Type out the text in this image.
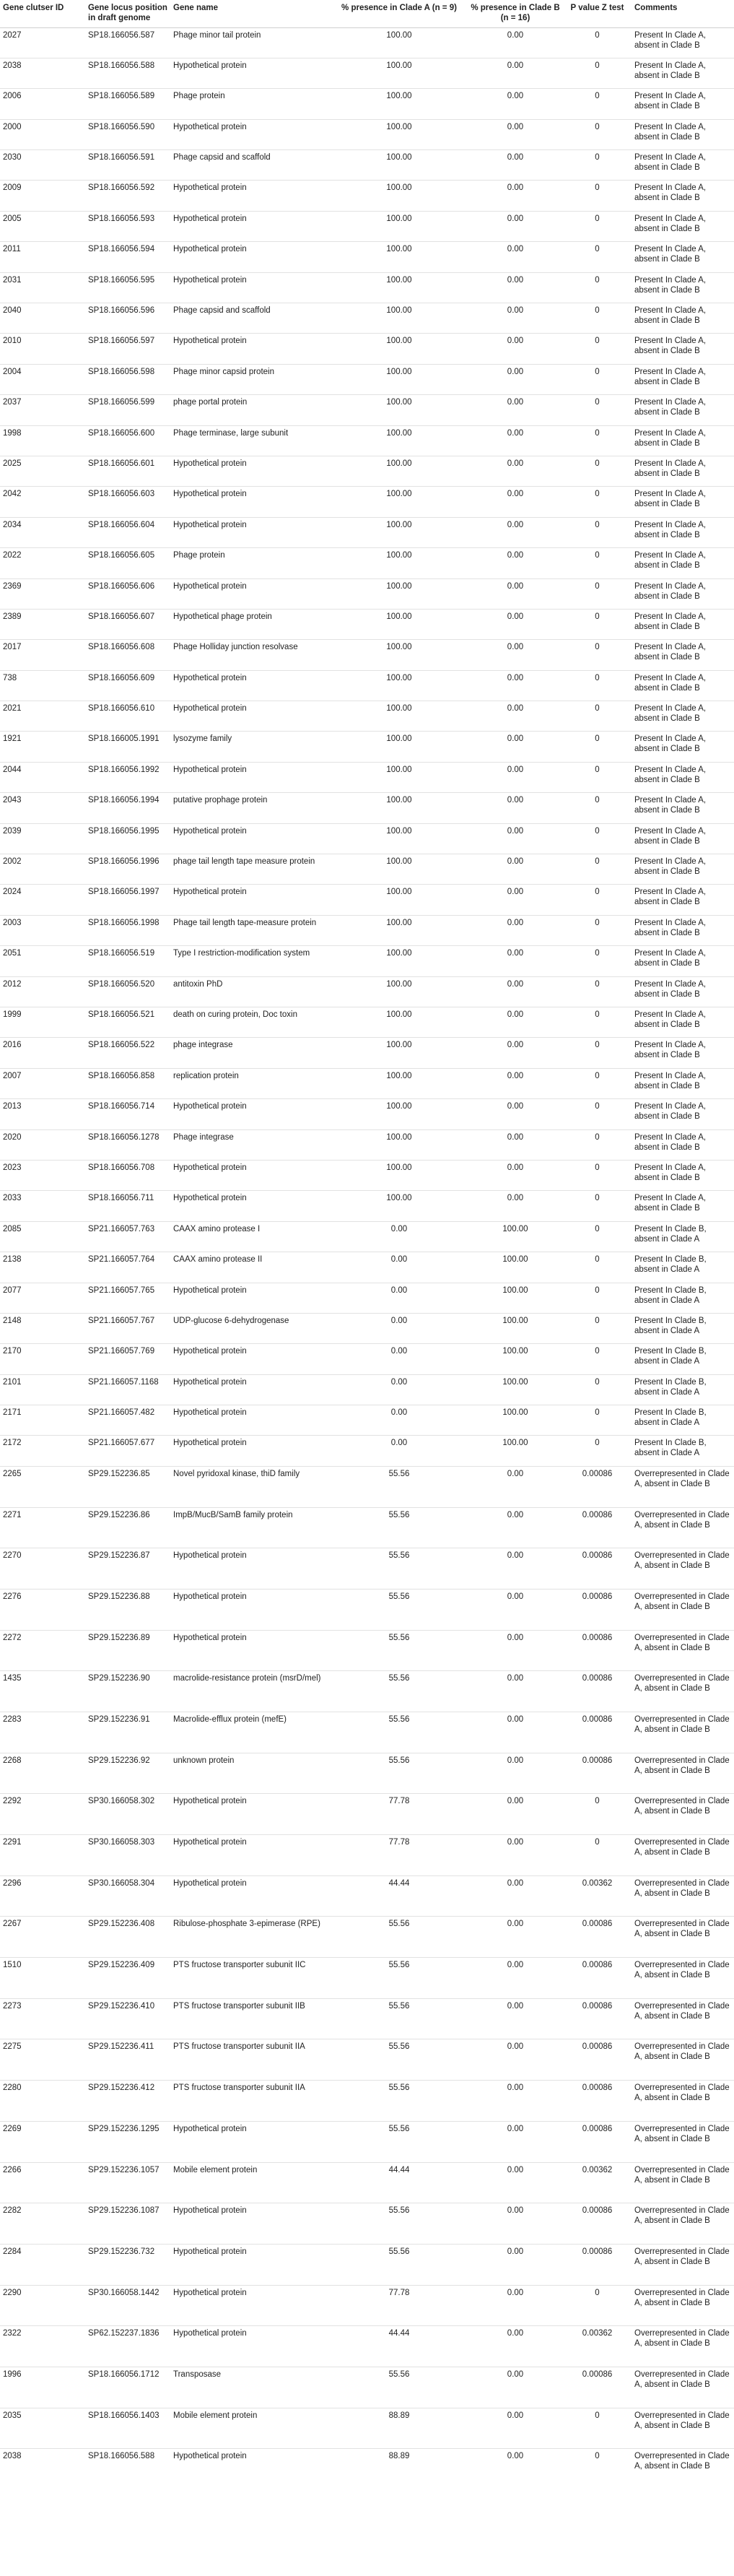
Gene clutser ID	Gene locus position in draft genome	Gene name	% presence in Clade A (n = 9)	% presence in Clade B (n = 16)	P value Z test	Comments
2027	SP18.166056.587	Phage minor tail protein	100.00	0.00	0	Present In Clade A, absent in Clade B
2038	SP18.166056.588	Hypothetical protein	100.00	0.00	0	Present In Clade A, absent in Clade B
2006	SP18.166056.589	Phage protein	100.00	0.00	0	Present In Clade A, absent in Clade B
2000	SP18.166056.590	Hypothetical protein	100.00	0.00	0	Present In Clade A, absent in Clade B
2030	SP18.166056.591	Phage capsid and scaffold	100.00	0.00	0	Present In Clade A, absent in Clade B
2009	SP18.166056.592	Hypothetical protein	100.00	0.00	0	Present In Clade A, absent in Clade B
2005	SP18.166056.593	Hypothetical protein	100.00	0.00	0	Present In Clade A, absent in Clade B
2011	SP18.166056.594	Hypothetical protein	100.00	0.00	0	Present In Clade A, absent in Clade B
2031	SP18.166056.595	Hypothetical protein	100.00	0.00	0	Present In Clade A, absent in Clade B
2040	SP18.166056.596	Phage capsid and scaffold	100.00	0.00	0	Present In Clade A, absent in Clade B
2010	SP18.166056.597	Hypothetical protein	100.00	0.00	0	Present In Clade A, absent in Clade B
2004	SP18.166056.598	Phage minor capsid protein	100.00	0.00	0	Present In Clade A, absent in Clade B
2037	SP18.166056.599	phage portal protein	100.00	0.00	0	Present In Clade A, absent in Clade B
1998	SP18.166056.600	Phage terminase, large subunit	100.00	0.00	0	Present In Clade A, absent in Clade B
2025	SP18.166056.601	Hypothetical protein	100.00	0.00	0	Present In Clade A, absent in Clade B
2042	SP18.166056.603	Hypothetical protein	100.00	0.00	0	Present In Clade A, absent in Clade B
2034	SP18.166056.604	Hypothetical protein	100.00	0.00	0	Present In Clade A, absent in Clade B
2022	SP18.166056.605	Phage protein	100.00	0.00	0	Present In Clade A, absent in Clade B
2369	SP18.166056.606	Hypothetical protein	100.00	0.00	0	Present In Clade A, absent in Clade B
2389	SP18.166056.607	Hypothetical phage protein	100.00	0.00	0	Present In Clade A, absent in Clade B
2017	SP18.166056.608	Phage Holliday junction resolvase	100.00	0.00	0	Present In Clade A, absent in Clade B
738	SP18.166056.609	Hypothetical protein	100.00	0.00	0	Present In Clade A, absent in Clade B
2021	SP18.166056.610	Hypothetical protein	100.00	0.00	0	Present In Clade A, absent in Clade B
1921	SP18.166005.1991	lysozyme family	100.00	0.00	0	Present In Clade A, absent in Clade B
2044	SP18.166056.1992	Hypothetical protein	100.00	0.00	0	Present In Clade A, absent in Clade B
2043	SP18.166056.1994	putative prophage protein	100.00	0.00	0	Present In Clade A, absent in Clade B
2039	SP18.166056.1995	Hypothetical protein	100.00	0.00	0	Present In Clade A, absent in Clade B
2002	SP18.166056.1996	phage tail length tape measure protein	100.00	0.00	0	Present In Clade A, absent in Clade B
2024	SP18.166056.1997	Hypothetical protein	100.00	0.00	0	Present In Clade A, absent in Clade B
2003	SP18.166056.1998	Phage tail length tape-measure protein	100.00	0.00	0	Present In Clade A, absent in Clade B
2051	SP18.166056.519	Type I restriction-modification system	100.00	0.00	0	Present In Clade A, absent in Clade B
2012	SP18.166056.520	antitoxin PhD	100.00	0.00	0	Present In Clade A, absent in Clade B
1999	SP18.166056.521	death on curing protein, Doc toxin	100.00	0.00	0	Present In Clade A, absent in Clade B
2016	SP18.166056.522	phage integrase	100.00	0.00	0	Present In Clade A, absent in Clade B
2007	SP18.166056.858	replication protein	100.00	0.00	0	Present In Clade A, absent in Clade B
2013	SP18.166056.714	Hypothetical protein	100.00	0.00	0	Present In Clade A, absent in Clade B
2020	SP18.166056.1278	Phage integrase	100.00	0.00	0	Present In Clade A, absent in Clade B
2023	SP18.166056.708	Hypothetical protein	100.00	0.00	0	Present In Clade A, absent in Clade B
2033	SP18.166056.711	Hypothetical protein	100.00	0.00	0	Present In Clade A, absent in Clade B
2085	SP21.166057.763	CAAX amino protease I	0.00	100.00	0	Present In Clade B, absent in Clade A
2138	SP21.166057.764	CAAX amino protease II	0.00	100.00	0	Present In Clade B, absent in Clade A
2077	SP21.166057.765	Hypothetical protein	0.00	100.00	0	Present In Clade B, absent in Clade A
2148	SP21.166057.767	UDP-glucose 6-dehydrogenase	0.00	100.00	0	Present In Clade B, absent in Clade A
2170	SP21.166057.769	Hypothetical protein	0.00	100.00	0	Present In Clade B, absent in Clade A
2101	SP21.166057.1168	Hypothetical protein	0.00	100.00	0	Present In Clade B, absent in Clade A
2171	SP21.166057.482	Hypothetical protein	0.00	100.00	0	Present In Clade B, absent in Clade A
2172	SP21.166057.677	Hypothetical protein	0.00	100.00	0	Present In Clade B, absent in Clade A
2265	SP29.152236.85	Novel pyridoxal kinase, thiD family	55.56	0.00	0.00086	Overrepresented in Clade A, absent in Clade B
2271	SP29.152236.86	ImpB/MucB/SamB family protein	55.56	0.00	0.00086	Overrepresented in Clade A, absent in Clade B
2270	SP29.152236.87	Hypothetical protein	55.56	0.00	0.00086	Overrepresented in Clade A, absent in Clade B
2276	SP29.152236.88	Hypothetical protein	55.56	0.00	0.00086	Overrepresented in Clade A, absent in Clade B
2272	SP29.152236.89	Hypothetical protein	55.56	0.00	0.00086	Overrepresented in Clade A, absent in Clade B
1435	SP29.152236.90	macrolide-resistance protein (msrD/mel)	55.56	0.00	0.00086	Overrepresented in Clade A, absent in Clade B
2283	SP29.152236.91	Macrolide-efflux protein (mefE)	55.56	0.00	0.00086	Overrepresented in Clade A, absent in Clade B
2268	SP29.152236.92	unknown protein	55.56	0.00	0.00086	Overrepresented in Clade A, absent in Clade B
2292	SP30.166058.302	Hypothetical protein	77.78	0.00	0	Overrepresented in Clade A, absent in Clade B
2291	SP30.166058.303	Hypothetical protein	77.78	0.00	0	Overrepresented in Clade A, absent in Clade B
2296	SP30.166058.304	Hypothetical protein	44.44	0.00	0.00362	Overrepresented in Clade A, absent in Clade B
2267	SP29.152236.408	Ribulose-phosphate 3-epimerase (RPE)	55.56	0.00	0.00086	Overrepresented in Clade A, absent in Clade B
1510	SP29.152236.409	PTS fructose transporter subunit IIC	55.56	0.00	0.00086	Overrepresented in Clade A, absent in Clade B
2273	SP29.152236.410	PTS fructose transporter subunit IIB	55.56	0.00	0.00086	Overrepresented in Clade A, absent in Clade B
2275	SP29.152236.411	PTS fructose transporter subunit IIA	55.56	0.00	0.00086	Overrepresented in Clade A, absent in Clade B
2280	SP29.152236.412	PTS fructose transporter subunit IIA	55.56	0.00	0.00086	Overrepresented in Clade A, absent in Clade B
2269	SP29.152236.1295	Hypothetical protein	55.56	0.00	0.00086	Overrepresented in Clade A, absent in Clade B
2266	SP29.152236.1057	Mobile element protein	44.44	0.00	0.00362	Overrepresented in Clade A, absent in Clade B
2282	SP29.152236.1087	Hypothetical protein	55.56	0.00	0.00086	Overrepresented in Clade A, absent in Clade B
2284	SP29.152236.732	Hypothetical protein	55.56	0.00	0.00086	Overrepresented in Clade A, absent in Clade B
2290	SP30.166058.1442	Hypothetical protein	77.78	0.00	0	Overrepresented in Clade A, absent in Clade B
2322	SP62.152237.1836	Hypothetical protein	44.44	0.00	0.00362	Overrepresented in Clade A, absent in Clade B
1996	SP18.166056.1712	Transposase	55.56	0.00	0.00086	Overrepresented in Clade A, absent in Clade B
2035	SP18.166056.1403	Mobile element protein	88.89	0.00	0	Overrepresented in Clade A, absent in Clade B
2038	SP18.166056.588	Hypothetical protein	88.89	0.00	0	Overrepresented in Clade A, absent in Clade B
